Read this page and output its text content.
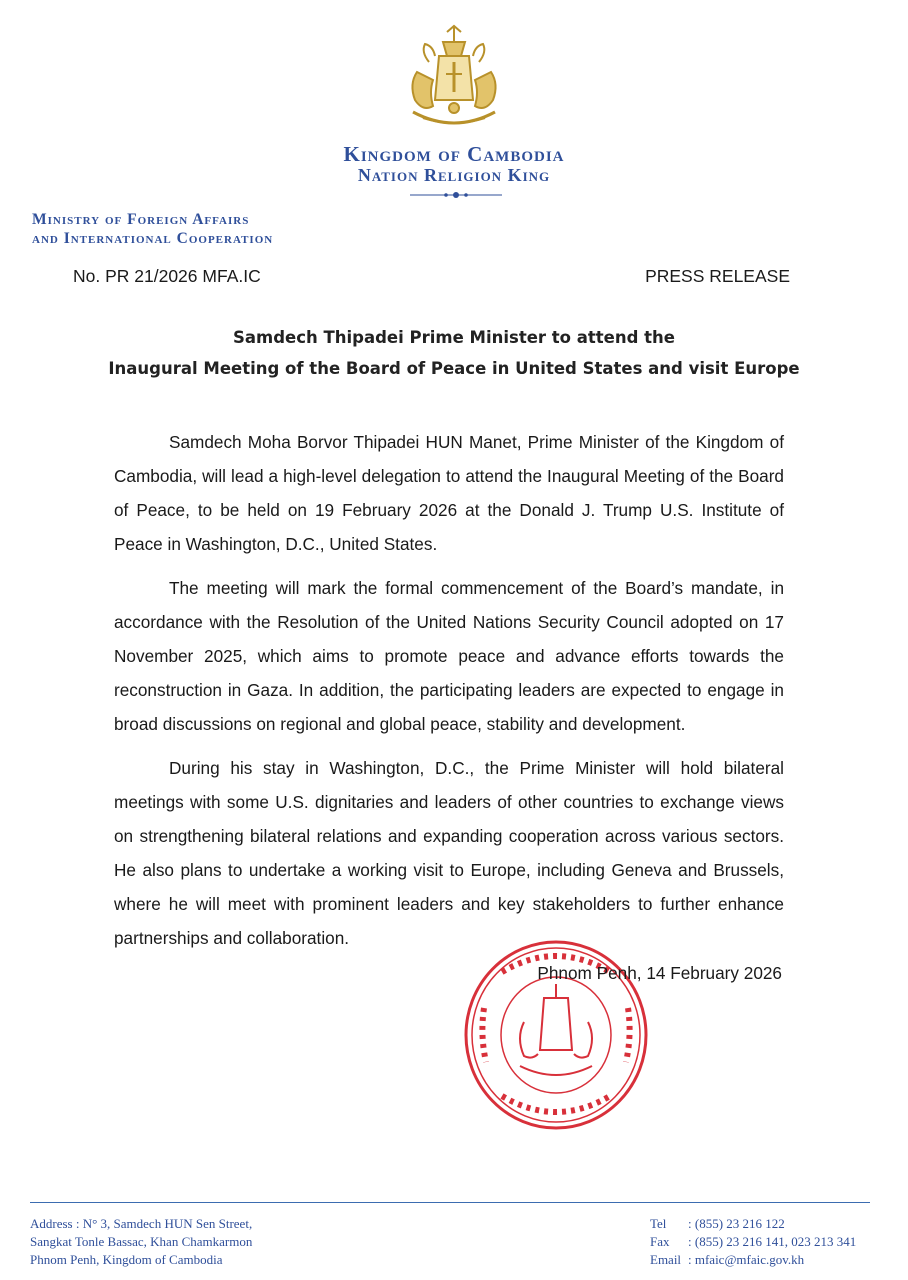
Kingdom of Cambodia
Nation Religion King
Ministry of Foreign Affairs
and International Cooperation
No. PR 21/2026 MFA.IC	PRESS RELEASE
Samdech Thipadei Prime Minister to attend the
Inaugural Meeting of the Board of Peace in United States and visit Europe

Samdech Moha Borvor Thipadei HUN Manet, Prime Minister of the Kingdom of Cambodia, will lead a high-level delegation to attend the Inaugural Meeting of the Board of Peace, to be held on 19 February 2026 at the Donald J. Trump U.S. Institute of Peace in Washington, D.C., United States.

The meeting will mark the formal commencement of the Board’s mandate, in accordance with the Resolution of the United Nations Security Council adopted on 17 November 2025, which aims to promote peace and advance efforts towards the reconstruction in Gaza. In addition, the participating leaders are expected to engage in broad discussions on regional and global peace, stability and development.

During his stay in Washington, D.C., the Prime Minister will hold bilateral meetings with some U.S. dignitaries and leaders of other countries to exchange views on strengthening bilateral relations and expanding cooperation across various sectors. He also plans to undertake a working visit to Europe, including Geneva and Brussels, where he will meet with prominent leaders and key stakeholders to further enhance partnerships and collaboration.

Phnom Penh, 14 February 2026
Address : N° 3, Samdech HUN Sen Street,
Sangkat Tonle Bassac, Khan Chamkarmon
Phnom Penh, Kingdom of Cambodia
Tel : (855) 23 216 122
Fax : (855) 23 216 141, 023 213 341
Email : mfaic@mfaic.gov.kh
